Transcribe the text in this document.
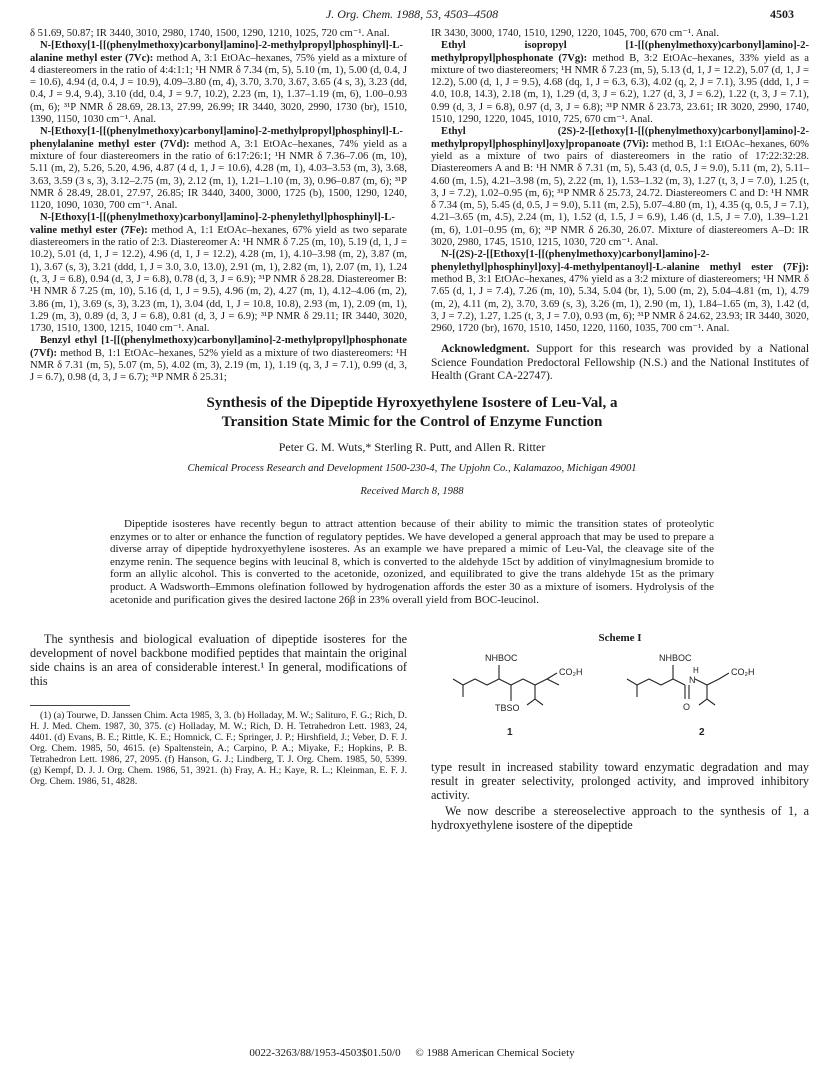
J. Org. Chem. 1988, 53, 4503–4508	4503

δ 51.69, 50.87; IR 3440, 3010, 2980, 1740, 1500, 1290, 1210, 1025, 720 cm⁻¹. Anal.

N-[Ethoxy[1-[[(phenylmethoxy)carbonyl]amino]-2-methylpropyl]phosphinyl]-L-alanine methyl ester (7Vc): method A, 3:1 EtOAc–hexanes, 75% yield as a mixture of 4 diastereomers in the ratio of 4:4:1:1; ¹H NMR δ 7.34 (m, 5), 5.10 (m, 1), 5.00 (d, 0.4, J = 10.6), 4.94 (d, 0.4, J = 10.9), 4.09–3.80 (m, 4), 3.70, 3.70, 3.67, 3.65 (4 s, 3), 3.23 (dd, 0.4, J = 9.4, 9.4), 3.10 (dd, 0.4, J = 9.7, 10.2), 2.23 (m, 1), 1.37–1.19 (m, 6), 1.00–0.93 (m, 6); ³¹P NMR δ 28.69, 28.13, 27.99, 26.99; IR 3440, 3020, 2990, 1730 (br), 1510, 1390, 1150, 1030 cm⁻¹. Anal.

N-[Ethoxy[1-[[(phenylmethoxy)carbonyl]amino]-2-methylpropyl]phosphinyl]-L-phenylalanine methyl ester (7Vd): method A, 3:1 EtOAc–hexanes, 74% yield as a mixture of four diastereomers in the ratio of 6:17:26:1; ¹H NMR δ 7.36–7.06 (m, 10), 5.11 (m, 2), 5.26, 5.20, 4.96, 4.87 (4 d, 1, J = 10.6), 4.28 (m, 1), 4.03–3.53 (m, 3), 3.68, 3.63, 3.59 (3 s, 3), 3.12–2.75 (m, 3), 2.12 (m, 1), 1.21–1.10 (m, 3), 0.96–0.87 (m, 6); ³¹P NMR δ 28.49, 28.01, 27.97, 26.85; IR 3440, 3400, 3000, 1725 (b), 1500, 1290, 1240, 1120, 1090, 1030, 700 cm⁻¹. Anal.

N-[Ethoxy[1-[[(phenylmethoxy)carbonyl]amino]-2-phenylethyl]phosphinyl]-L-valine methyl ester (7Fe): method A, 1:1 EtOAc–hexanes, 67% yield as two separate diastereomers in the ratio of 2:3. Diastereomer A: ¹H NMR δ 7.25 (m, 10), 5.19 (d, 1, J = 10.2), 5.01 (d, 1, J = 12.2), 4.96 (d, 1, J = 12.2), 4.28 (m, 1), 4.10–3.98 (m, 2), 3.87 (m, 1), 3.67 (s, 3), 3.21 (ddd, 1, J = 3.0, 3.0, 13.0), 2.91 (m, 1), 2.82 (m, 1), 2.07 (m, 1), 1.24 (t, 3, J = 6.8), 0.94 (d, 3, J = 6.8), 0.78 (d, 3, J = 6.9); ³¹P NMR δ 28.28. Diastereomer B: ¹H NMR δ 7.25 (m, 10), 5.16 (d, 1, J = 9.5), 4.96 (m, 2), 4.27 (m, 1), 4.12–4.06 (m, 2), 3.86 (m, 1), 3.69 (s, 3), 3.23 (m, 1), 3.04 (dd, 1, J = 10.8, 10.8), 2.93 (m, 1), 2.09 (m, 1), 1.29 (m, 3), 0.89 (d, 3, J = 6.8), 0.81 (d, 3, J = 6.9); ³¹P NMR δ 29.11; IR 3440, 3020, 1730, 1510, 1300, 1215, 1040 cm⁻¹. Anal.

Benzyl ethyl [1-[[(phenylmethoxy)carbonyl]amino]-2-methylpropyl]phosphonate (7Vf): method B, 1:1 EtOAc–hexanes, 52% yield as a mixture of two diastereomers: ¹H NMR δ 7.31 (m, 5), 5.07 (m, 5), 4.02 (m, 3), 2.19 (m, 1), 1.19 (q, 3, J = 7.1), 0.99 (d, 3, J = 6.7), 0.98 (d, 3, J = 6.7); ³¹P NMR δ 25.31;

IR 3430, 3000, 1740, 1510, 1290, 1220, 1045, 700, 670 cm⁻¹. Anal.

Ethyl isopropyl [1-[[(phenylmethoxy)carbonyl]amino]-2-methylpropyl]phosphonate (7Vg): method B, 3:2 EtOAc–hexanes, 33% yield as a mixture of two diastereomers; ¹H NMR δ 7.23 (m, 5), 5.13 (d, 1, J = 12.2), 5.07 (d, 1, J = 12.2), 5.00 (d, 1, J = 9.5), 4.68 (dq, 1, J = 6.3, 6.3), 4.02 (q, 2, J = 7.1), 3.95 (ddd, 1, J = 4.0, 10.8, 14.3), 2.18 (m, 1), 1.29 (d, 3, J = 6.2), 1.27 (d, 3, J = 6.2), 1.22 (t, 3, J = 7.1), 0.99 (d, 3, J = 6.8), 0.97 (d, 3, J = 6.8); ³¹P NMR δ 23.73, 23.61; IR 3020, 2990, 1740, 1510, 1290, 1220, 1045, 1010, 725, 670 cm⁻¹. Anal.

Ethyl (2S)-2-[[ethoxy[1-[[(phenylmethoxy)carbonyl]amino]-2-methylpropyl]phosphinyl]oxy]propanoate (7Vi): method B, 1:1 EtOAc–hexanes, 60% yield as a mixture of two pairs of diastereomers in the ratio of 17:22:32:28. Diastereomers A and B: ¹H NMR δ 7.31 (m, 5), 5.43 (d, 0.5, J = 9.0), 5.11 (m, 2), 5.11–4.60 (m, 1.5), 4.21–3.98 (m, 5), 2.22 (m, 1), 1.53–1.32 (m, 3), 1.27 (t, 3, J = 7.0), 1.25 (t, 3, J = 7.2), 1.02–0.95 (m, 6); ³¹P NMR δ 25.73, 24.72. Diastereomers C and D: ¹H NMR δ 7.34 (m, 5), 5.45 (d, 0.5, J = 9.0), 5.11 (m, 2.5), 5.07–4.80 (m, 1), 4.35 (q, 0.5, J = 7.1), 4.21–3.65 (m, 4.5), 2.24 (m, 1), 1.52 (d, 1.5, J = 6.9), 1.46 (d, 1.5, J = 7.0), 1.39–1.21 (m, 6), 1.01–0.95 (m, 6); ³¹P NMR δ 26.30, 26.07. Mixture of diastereomers A–D: IR 3020, 2980, 1745, 1510, 1215, 1030, 720 cm⁻¹. Anal.

N-[(2S)-2-[[Ethoxy[1-[[(phenylmethoxy)carbonyl]amino]-2-phenylethyl]phosphinyl]oxy]-4-methylpentanoyl]-L-alanine methyl ester (7Fj): method B, 3:1 EtOAc–hexanes, 47% yield as a 3:2 mixture of diastereomers; ¹H NMR δ 7.65 (d, 1, J = 7.4), 7.26 (m, 10), 5.34, 5.04 (br, 1), 5.00 (m, 2), 5.04–4.81 (m, 1), 4.79 (m, 2), 4.11 (m, 2), 3.70, 3.69 (s, 3), 3.26 (m, 1), 2.90 (m, 1), 1.84–1.65 (m, 3), 1.42 (d, 3, J = 7.2), 1.27, 1.25 (t, 3, J = 7.0), 0.93 (m, 6); ³¹P NMR δ 24.62, 23.93; IR 3440, 3020, 2960, 1720 (br), 1670, 1510, 1450, 1220, 1160, 1035, 700 cm⁻¹. Anal.

Acknowledgment. Support for this research was provided by a National Science Foundation Predoctoral Fellowship (N.S.) and the National Institutes of Health (Grant CA-22747).

Synthesis of the Dipeptide Hyroxyethylene Isostere of Leu-Val, a
Transition State Mimic for the Control of Enzyme Function
Peter G. M. Wuts,* Sterling R. Putt, and Allen R. Ritter
Chemical Process Research and Development 1500-230-4, The Upjohn Co., Kalamazoo, Michigan 49001
Received March 8, 1988

Dipeptide isosteres have recently begun to attract attention because of their ability to mimic the transition states of proteolytic enzymes or to alter or enhance the function of regulatory peptides. We have developed a general approach that may be used to prepare a diverse array of dipeptide hydroxyethylene isosteres. As an example we have prepared a mimic of Leu-Val, the cleavage site of the enzyme renin. The sequence begins with leucinal 8, which is converted to the aldehyde 15ct by addition of vinylmagnesium bromide to form an allylic alcohol. This is converted to the acetonide, ozonized, and equilibrated to give the trans aldehyde 15t as the primary product. A Wadsworth–Emmons olefination followed by hydrogenation affords the ester 30 as a mixture of isomers. Hydrolysis of the acetonide and purification gives the desired lactone 26β in 23% overall yield from BOC-leucinol.

The synthesis and biological evaluation of dipeptide isosteres for the development of novel backbone modified peptides that maintain the original side chains is an area of considerable interest.¹ In general, modifications of this

(1) (a) Tourwe, D. Janssen Chim. Acta 1985, 3, 3. (b) Holladay, M. W.; Salituro, F. G.; Rich, D. H. J. Med. Chem. 1987, 30, 375. (c) Holladay, M. W.; Rich, D. H. Tetrahedron Lett. 1983, 24, 4401. (d) Evans, B. E.; Rittle, K. E.; Homnick, C. F.; Springer, J. P.; Hirshfield, J.; Veber, D. F. J. Org. Chem. 1985, 50, 4615. (e) Spaltenstein, A.; Carpino, P. A.; Miyake, F.; Hopkins, P. B. Tetrahedron Lett. 1986, 27, 2095. (f) Hanson, G. J.; Lindberg, T. J. Org. Chem. 1985, 50, 5399. (g) Kempf, D. J. J. Org. Chem. 1986, 51, 3921. (h) Fray, A. H.; Kaye, R. L.; Kleinman, E. F. J. Org. Chem. 1986, 51, 4828.

Scheme I
NHBOC
CO₂H
TBSO
1
NHBOC
N
H
O
CO₂H
2

type result in increased stability toward enzymatic degradation and may result in greater selectivity, prolonged activity, and improved inhibitory activity.

We now describe a stereoselective approach to the synthesis of 1, a hydroxyethylene isostere of the dipeptide

0022-3263/88/1953-4503$01.50/0 © 1988 American Chemical Society
